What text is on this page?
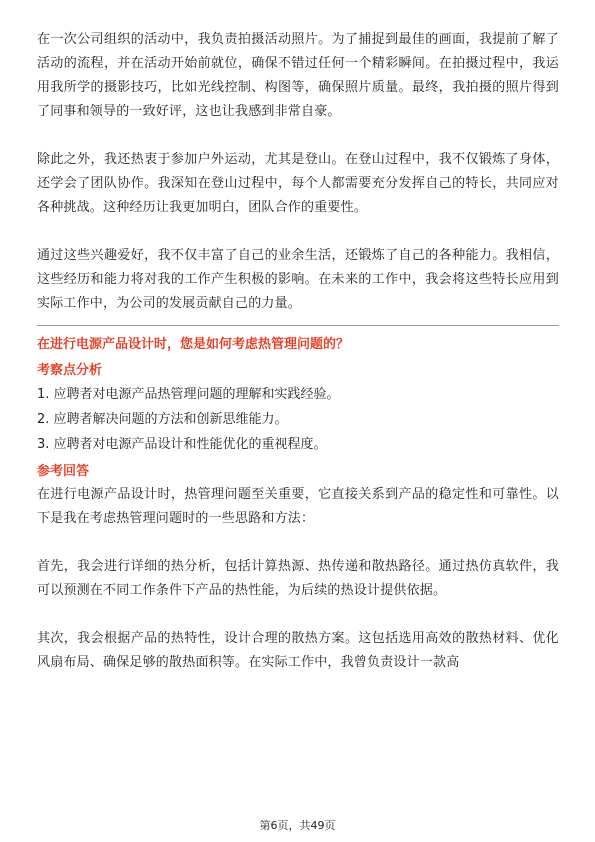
在一次公司组织的活动中，我负责拍摄活动照片。为了捕捉到最佳的画面，我提前了解了活动的流程，并在活动开始前就位，确保不错过任何一个精彩瞬间。在拍摄过程中，我运用我所学的摄影技巧，比如光线控制、构图等，确保照片质量。最终，我拍摄的照片得到了同事和领导的一致好评，这也让我感到非常自豪。

除此之外，我还热衷于参加户外运动，尤其是登山。在登山过程中，我不仅锻炼了身体，还学会了团队协作。我深知在登山过程中，每个人都需要充分发挥自己的特长，共同应对各种挑战。这种经历让我更加明白，团队合作的重要性。

通过这些兴趣爱好，我不仅丰富了自己的业余生活，还锻炼了自己的各种能力。我相信，这些经历和能力将对我的工作产生积极的影响。在未来的工作中，我会将这些特长应用到实际工作中，为公司的发展贡献自己的力量。

在进行电源产品设计时，您是如何考虑热管理问题的？

考察点分析

1. 应聘者对电源产品热管理问题的理解和实践经验。

2. 应聘者解决问题的方法和创新思维能力。

3. 应聘者对电源产品设计和性能优化的重视程度。

参考回答

在进行电源产品设计时，热管理问题至关重要，它直接关系到产品的稳定性和可靠性。以下是我在考虑热管理问题时的一些思路和方法：

首先，我会进行详细的热分析，包括计算热源、热传递和散热路径。通过热仿真软件，我可以预测在不同工作条件下产品的热性能，为后续的热设计提供依据。

其次，我会根据产品的热特性，设计合理的散热方案。这包括选用高效的散热材料、优化风扇布局、确保足够的散热面积等。在实际工作中，我曾负责设计一款高

第6页，共49页
